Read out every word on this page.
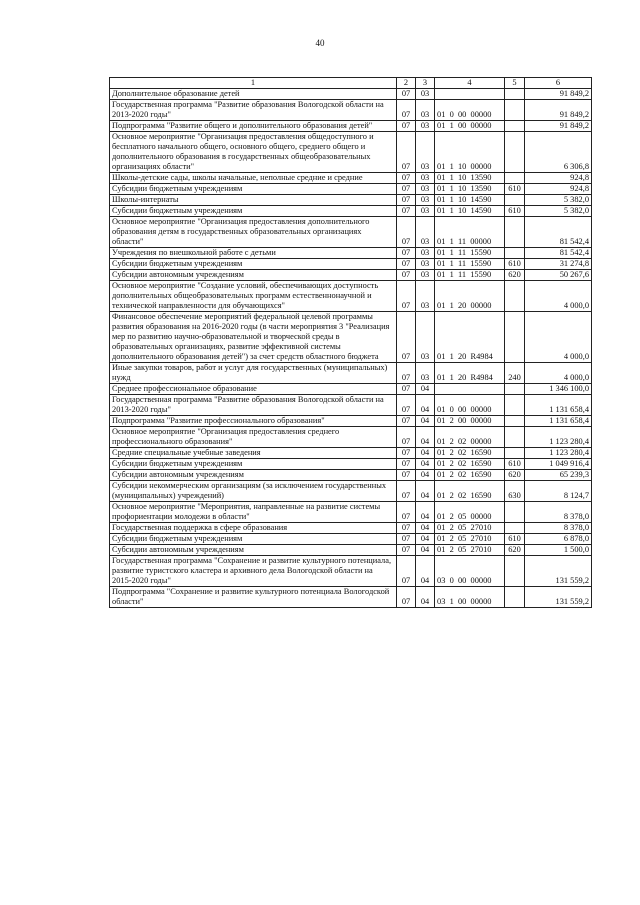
40
1	2	3	4	5	6
Дополнительное образование детей	07	03			91 849,2
Государственная программа "Развитие образования Вологодской области на 2013-2020 годы"	07	03	01  0  00  00000		91 849,2
Подпрограмма "Развитие общего и дополнительного образования детей"	07	03	01  1  00  00000		91 849,2
Основное мероприятие "Организация предоставления общедоступного и бесплатного начального общего, основного общего, среднего общего и дополнительного образования в государственных общеобразовательных организациях области"	07	03	01  1  10  00000		6 306,8
Школы-детские сады, школы начальные, неполные средние и средние	07	03	01  1  10  13590		924,8
Субсидии бюджетным учреждениям	07	03	01  1  10  13590	610	924,8
Школы-интернаты	07	03	01  1  10  14590		5 382,0
Субсидии бюджетным учреждениям	07	03	01  1  10  14590	610	5 382,0
Основное мероприятие "Организация предоставления дополнительного образования детям в государственных образовательных организациях области"	07	03	01  1  11  00000		81 542,4
Учреждения по внешкольной работе с детьми	07	03	01  1  11  15590		81 542,4
Субсидии бюджетным учреждениям	07	03	01  1  11  15590	610	31 274,8
Субсидии автономным учреждениям	07	03	01  1  11  15590	620	50 267,6
Основное мероприятие "Создание условий, обеспечивающих доступность дополнительных общеобразовательных программ естественнонаучной и технической направленности для обучающихся"	07	03	01  1  20  00000		4 000,0
Финансовое обеспечение мероприятий федеральной целевой программы развития образования на 2016-2020 годы (в части мероприятия 3 "Реализация мер по развитию научно-образовательной и творческой среды в образовательных организациях, развитие эффективной системы дополнительного образования детей") за счет средств областного бюджета	07	03	01  1  20  R4984		4 000,0
Иные закупки товаров, работ и услуг для государственных (муниципальных) нужд	07	03	01  1  20  R4984	240	4 000,0
Среднее профессиональное образование	07	04			1 346 100,0
Государственная программа "Развитие образования Вологодской области на 2013-2020 годы"	07	04	01  0  00  00000		1 131 658,4
Подпрограмма "Развитие профессионального образования"	07	04	01  2  00  00000		1 131 658,4
Основное мероприятие "Организация предоставления среднего профессионального образования"	07	04	01  2  02  00000		1 123 280,4
Средние специальные учебные заведения	07	04	01  2  02  16590		1 123 280,4
Субсидии бюджетным учреждениям	07	04	01  2  02  16590	610	1 049 916,4
Субсидии автономным учреждениям	07	04	01  2  02  16590	620	65 239,3
Субсидии некоммерческим организациям (за исключением государственных (муниципальных) учреждений)	07	04	01  2  02  16590	630	8 124,7
Основное мероприятие "Мероприятия, направленные на развитие системы профориентации молодежи в области"	07	04	01  2  05  00000		8 378,0
Государственная поддержка в сфере образования	07	04	01  2  05  27010		8 378,0
Субсидии бюджетным учреждениям	07	04	01  2  05  27010	610	6 878,0
Субсидии автономным учреждениям	07	04	01  2  05  27010	620	1 500,0
Государственная программа "Сохранение и развитие культурного потенциала, развитие туристского кластера и архивного дела Вологодской области на 2015-2020 годы"	07	04	03  0  00  00000		131 559,2
Подпрограмма "Сохранение и развитие культурного потенциала Вологодской области"	07	04	03  1  00  00000		131 559,2
